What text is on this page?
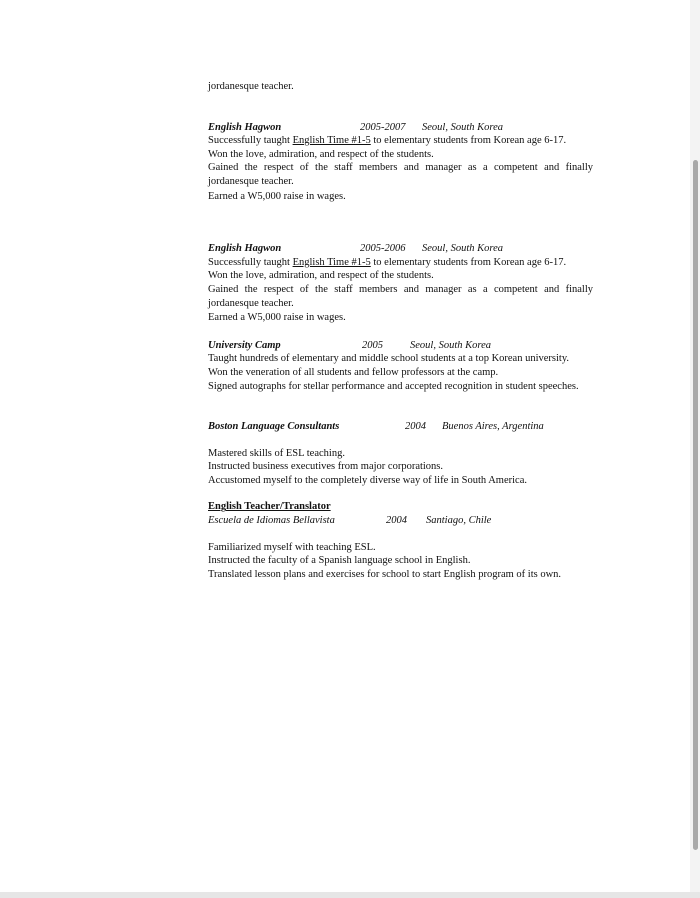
jordanesque teacher.

English Hagwon	2005-2007	Seoul, South Korea

Successfully taught English Time #1-5 to elementary students from Korean age 6-17.

Won the love, admiration, and respect of the students.

Gained the respect of the staff members and manager as a competent and finally jordanesque teacher.

Earned a W5,000 raise in wages.

English Hagwon	2005-2006	Seoul, South Korea

Successfully taught English Time #1-5 to elementary students from Korean age 6-17.

Won the love, admiration, and respect of the students.

Gained the respect of the staff members and manager as a competent and finally jordanesque teacher.

Earned a W5,000 raise in wages.

University Camp	2005	Seoul, South Korea

Taught hundreds of elementary and middle school students at a top Korean university.

Won the veneration of all students and fellow professors at the camp.

Signed autographs for stellar performance and accepted recognition in student speeches.

Boston Language Consultants	2004	Buenos Aires, Argentina

Mastered skills of ESL teaching.

Instructed business executives from major corporations.

Accustomed myself to the completely diverse way of life in South America.

English Teacher/Translator

Escuela de Idiomas Bellavista	2004	Santiago, Chile

Familiarized myself with teaching ESL.

Instructed the faculty of a Spanish language school in English.

Translated lesson plans and exercises for school to start English program of its own.
